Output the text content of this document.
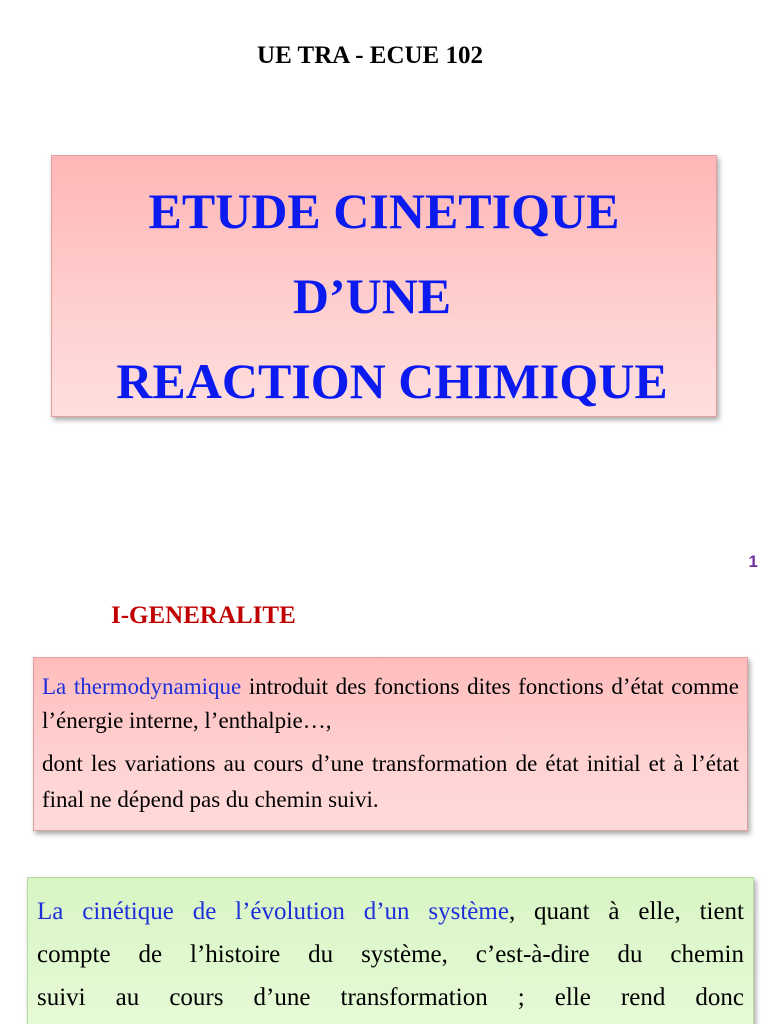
UE TRA - ECUE 102
ETUDE CINETIQUE
D’UNE
REACTION CHIMIQUE
1
I-GENERALITE

La thermodynamique introduit des fonctions dites fonctions d’état comme l’énergie interne, l’enthalpie…,

dont les variations au cours d’une transformation de état initial et à l’état final ne dépend pas du chemin suivi.

La cinétique de l’évolution d’un système, quant à elle, tient
compte de l’histoire du système, c’est-à-dire du chemin
suivi au cours d’une transformation ; elle rend donc
